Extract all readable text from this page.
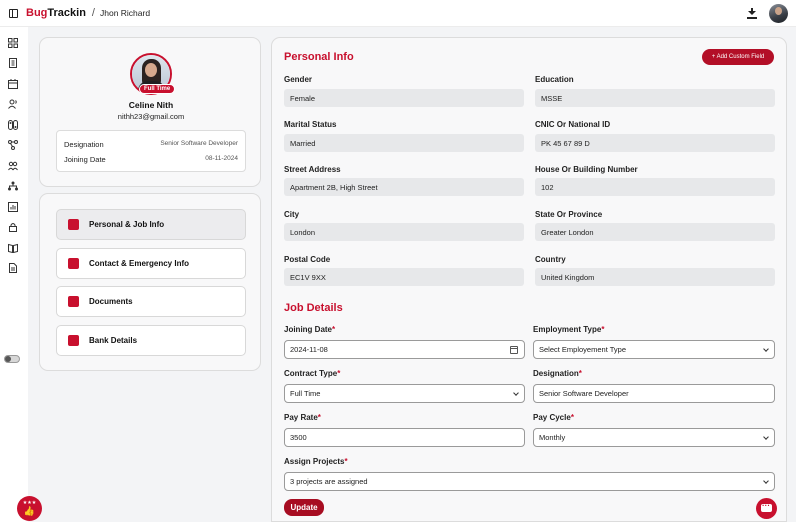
Bug Trackin / Jhon Richard
★★★
👍
Celine Nith
nithh23@gmail.com
Designation	Senior Software Developer
Joining Date	08-11-2024
Full Time
Personal & Job Info
Contact & Emergency Info
Documents
Bank Details
Personal Info	+ Add Custom Field
Gender
Female
Education
MSSE
Marital Status
Married
CNIC Or National ID
PK 45 67 89 D
Street Address
Apartment 2B, High Street
House Or Building Number
102
City
London
State Or Province
Greater London
Postal Code
EC1V 9XX
Country
United Kingdom
Job Details
Joining Date*
2024-11-08
Employment Type*
Select Employement Type
Contract Type*
Full Time
Designation*
Senior Software Developer
Pay Rate*
3500
Pay Cycle*
Monthly
Assign Projects*
3 projects are assigned
Update
···
